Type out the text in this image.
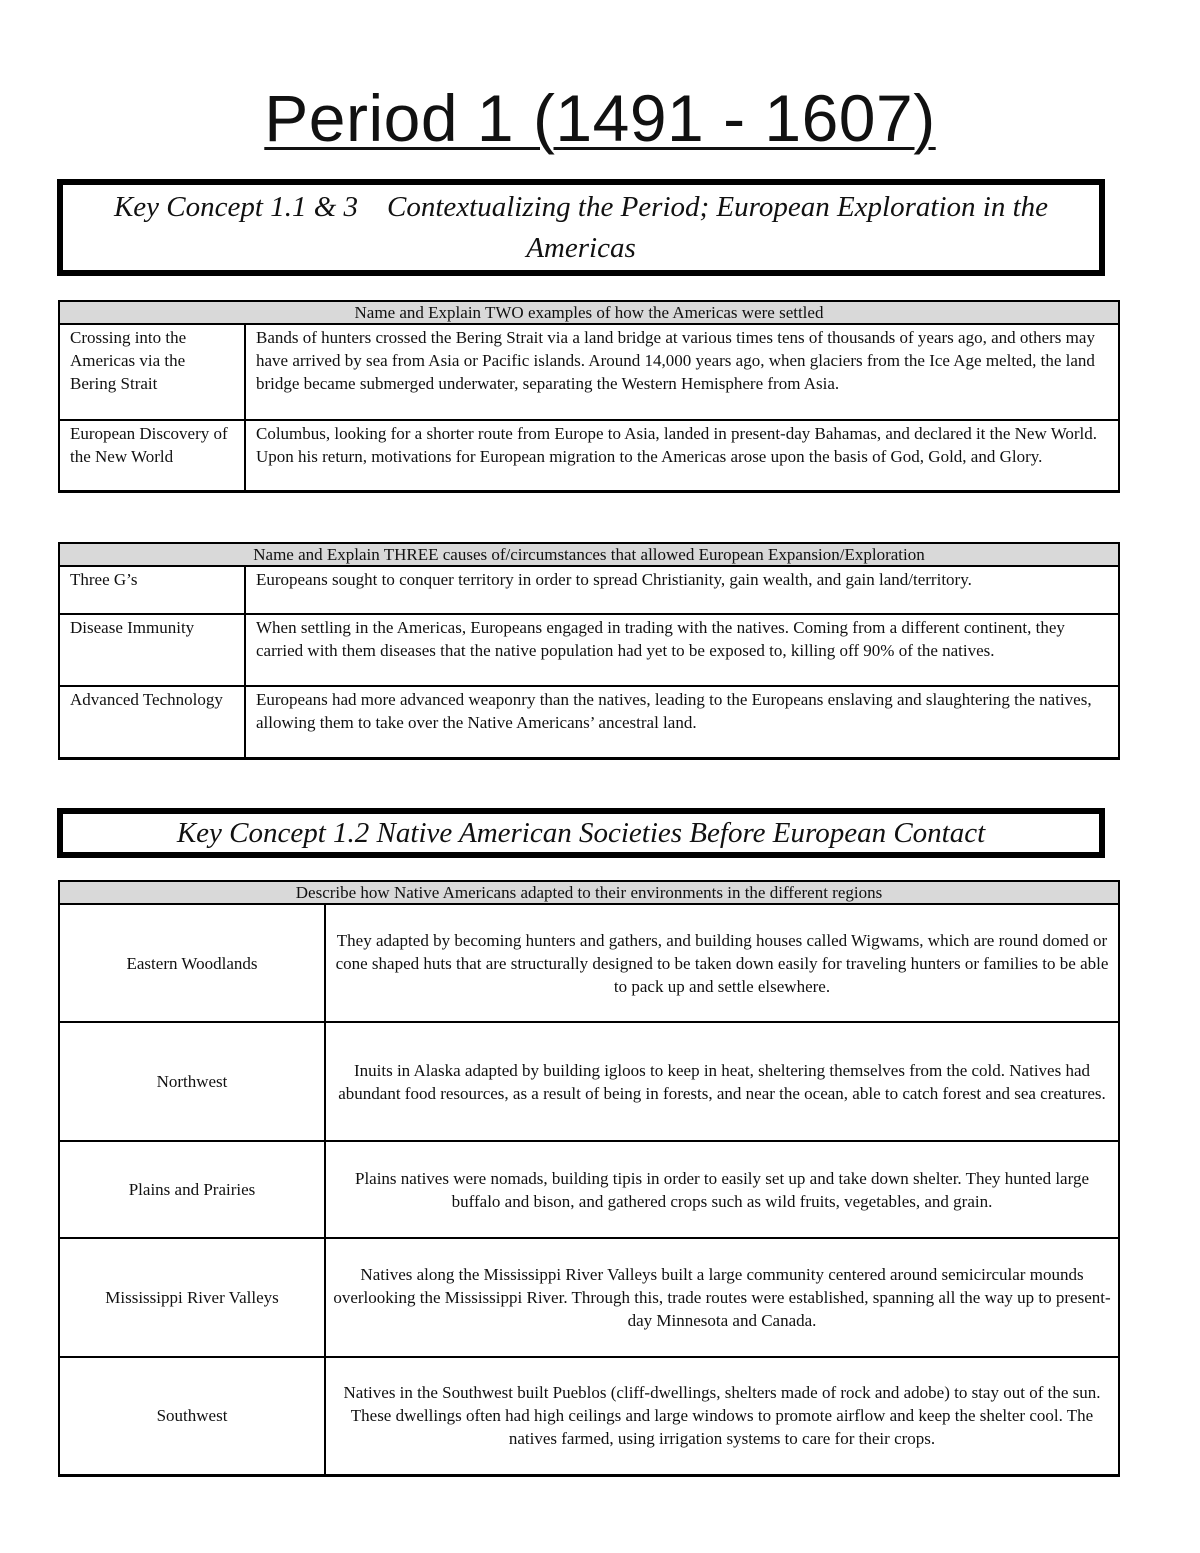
Period 1 (1491 - 1607)
Key Concept 1.1 & 3    Contextualizing the Period; European Exploration in the
Americas
Name and Explain TWO examples of how the Americas were settled	
Crossing into the Americas via the Bering Strait	Bands of hunters crossed the Bering Strait via a land bridge at various times tens of thousands of years ago, and others may have arrived by sea from Asia or Pacific islands. Around 14,000 years ago, when glaciers from the Ice Age melted, the land bridge became submerged underwater, separating the Western Hemisphere from Asia.
European Discovery of the New World	Columbus, looking for a shorter route from Europe to Asia, landed in present-day Bahamas, and declared it the New World. Upon his return, motivations for European migration to the Americas arose upon the basis of God, Gold, and Glory.
Name and Explain THREE causes of/circumstances that allowed European Expansion/Exploration	
Three G’s	Europeans sought to conquer territory in order to spread Christianity, gain wealth, and gain land/territory.
Disease Immunity	When settling in the Americas, Europeans engaged in trading with the natives. Coming from a different continent, they carried with them diseases that the native population had yet to be exposed to, killing off 90% of the natives.
Advanced Technology	Europeans had more advanced weaponry than the natives, leading to the Europeans enslaving and slaughtering the natives, allowing them to take over the Native Americans’ ancestral land.
Key Concept 1.2 Native American Societies Before European Contact
Describe how Native Americans adapted to their environments in the different regions	
Eastern Woodlands	They adapted by becoming hunters and gathers, and building houses called Wigwams, which are round domed or cone shaped huts that are structurally designed to be taken down easily for traveling hunters or families to be able to pack up and settle elsewhere.
Northwest	Inuits in Alaska adapted by building igloos to keep in heat, sheltering themselves from the cold. Natives had abundant food resources, as a result of being in forests, and near the ocean, able to catch forest and sea creatures.
Plains and Prairies	Plains natives were nomads, building tipis in order to easily set up and take down shelter. They hunted large buffalo and bison, and gathered crops such as wild fruits, vegetables, and grain.
Mississippi River Valleys	Natives along the Mississippi River Valleys built a large community centered around semicircular mounds overlooking the Mississippi River. Through this, trade routes were established, spanning all the way up to present-day Minnesota and Canada.
Southwest	Natives in the Southwest built Pueblos (cliff-dwellings, shelters made of rock and adobe) to stay out of the sun. These dwellings often had high ceilings and large windows to promote airflow and keep the shelter cool. The natives farmed, using irrigation systems to care for their crops.
